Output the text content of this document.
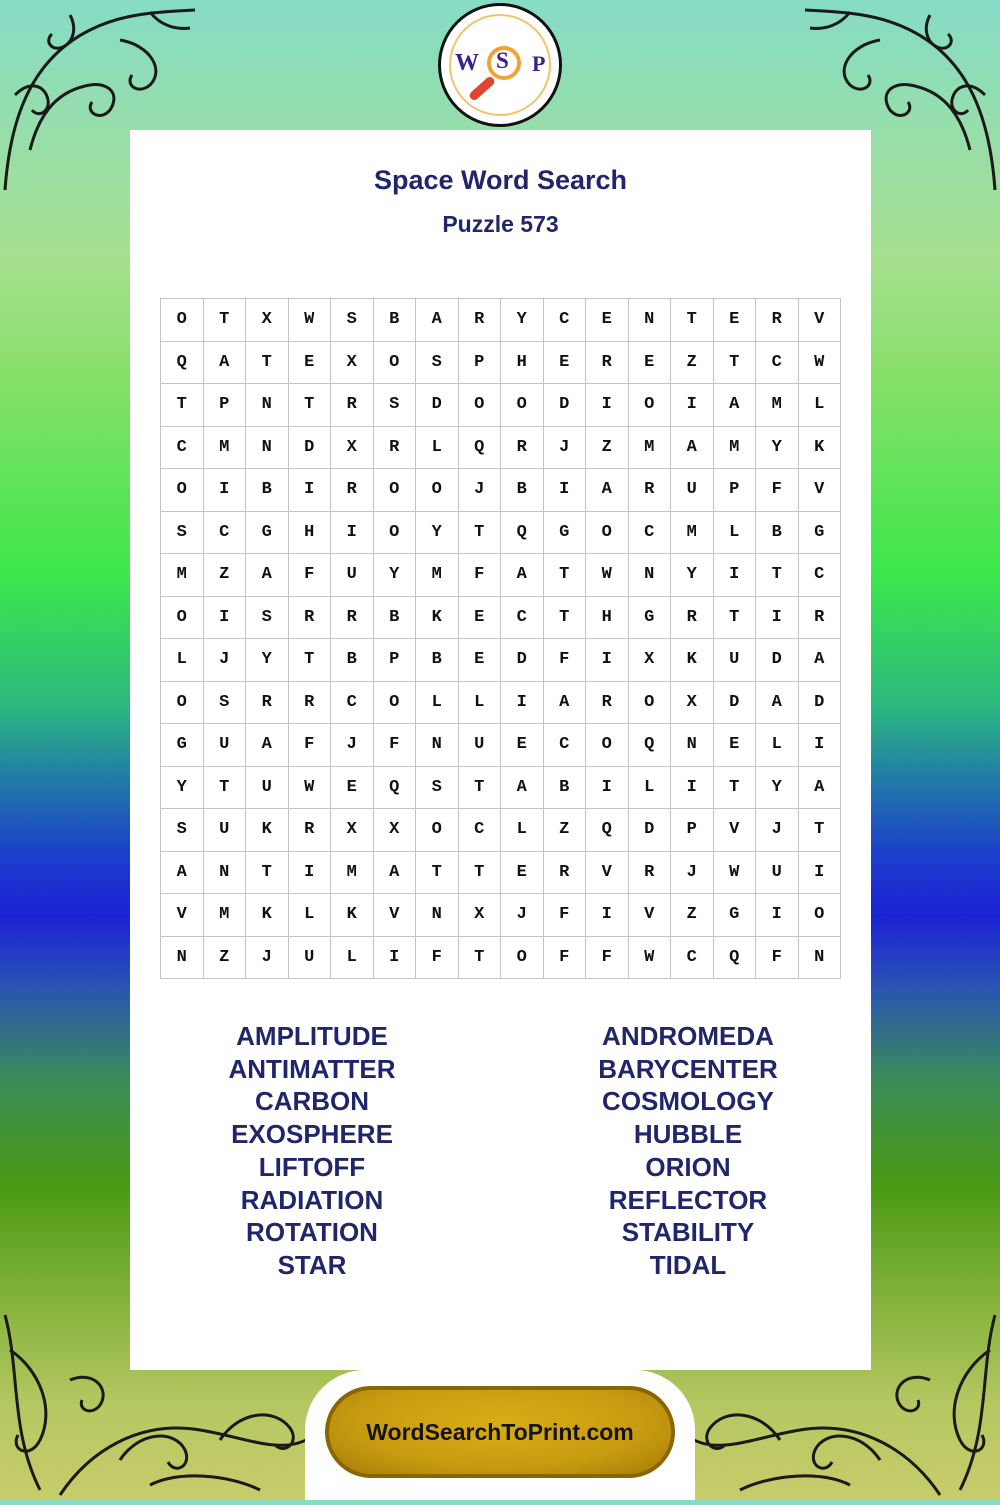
W S P
Space Word Search
Puzzle 573
O	T	X	W	S	B	A	R	Y	C	E	N	T	E	R	V
Q	A	T	E	X	O	S	P	H	E	R	E	Z	T	C	W
T	P	N	T	R	S	D	O	O	D	I	O	I	A	M	L
C	M	N	D	X	R	L	Q	R	J	Z	M	A	M	Y	K
O	I	B	I	R	O	O	J	B	I	A	R	U	P	F	V
S	C	G	H	I	O	Y	T	Q	G	O	C	M	L	B	G
M	Z	A	F	U	Y	M	F	A	T	W	N	Y	I	T	C
O	I	S	R	R	B	K	E	C	T	H	G	R	T	I	R
L	J	Y	T	B	P	B	E	D	F	I	X	K	U	D	A
O	S	R	R	C	O	L	L	I	A	R	O	X	D	A	D
G	U	A	F	J	F	N	U	E	C	O	Q	N	E	L	I
Y	T	U	W	E	Q	S	T	A	B	I	L	I	T	Y	A
S	U	K	R	X	X	O	C	L	Z	Q	D	P	V	J	T
A	N	T	I	M	A	T	T	E	R	V	R	J	W	U	I
V	M	K	L	K	V	N	X	J	F	I	V	Z	G	I	O
N	Z	J	U	L	I	F	T	O	F	F	W	C	Q	F	N
AMPLITUDE
ANTIMATTER
CARBON
EXOSPHERE
LIFTOFF
RADIATION
ROTATION
STAR
ANDROMEDA
BARYCENTER
COSMOLOGY
HUBBLE
ORION
REFLECTOR
STABILITY
TIDAL
WordSearchToPrint.com
